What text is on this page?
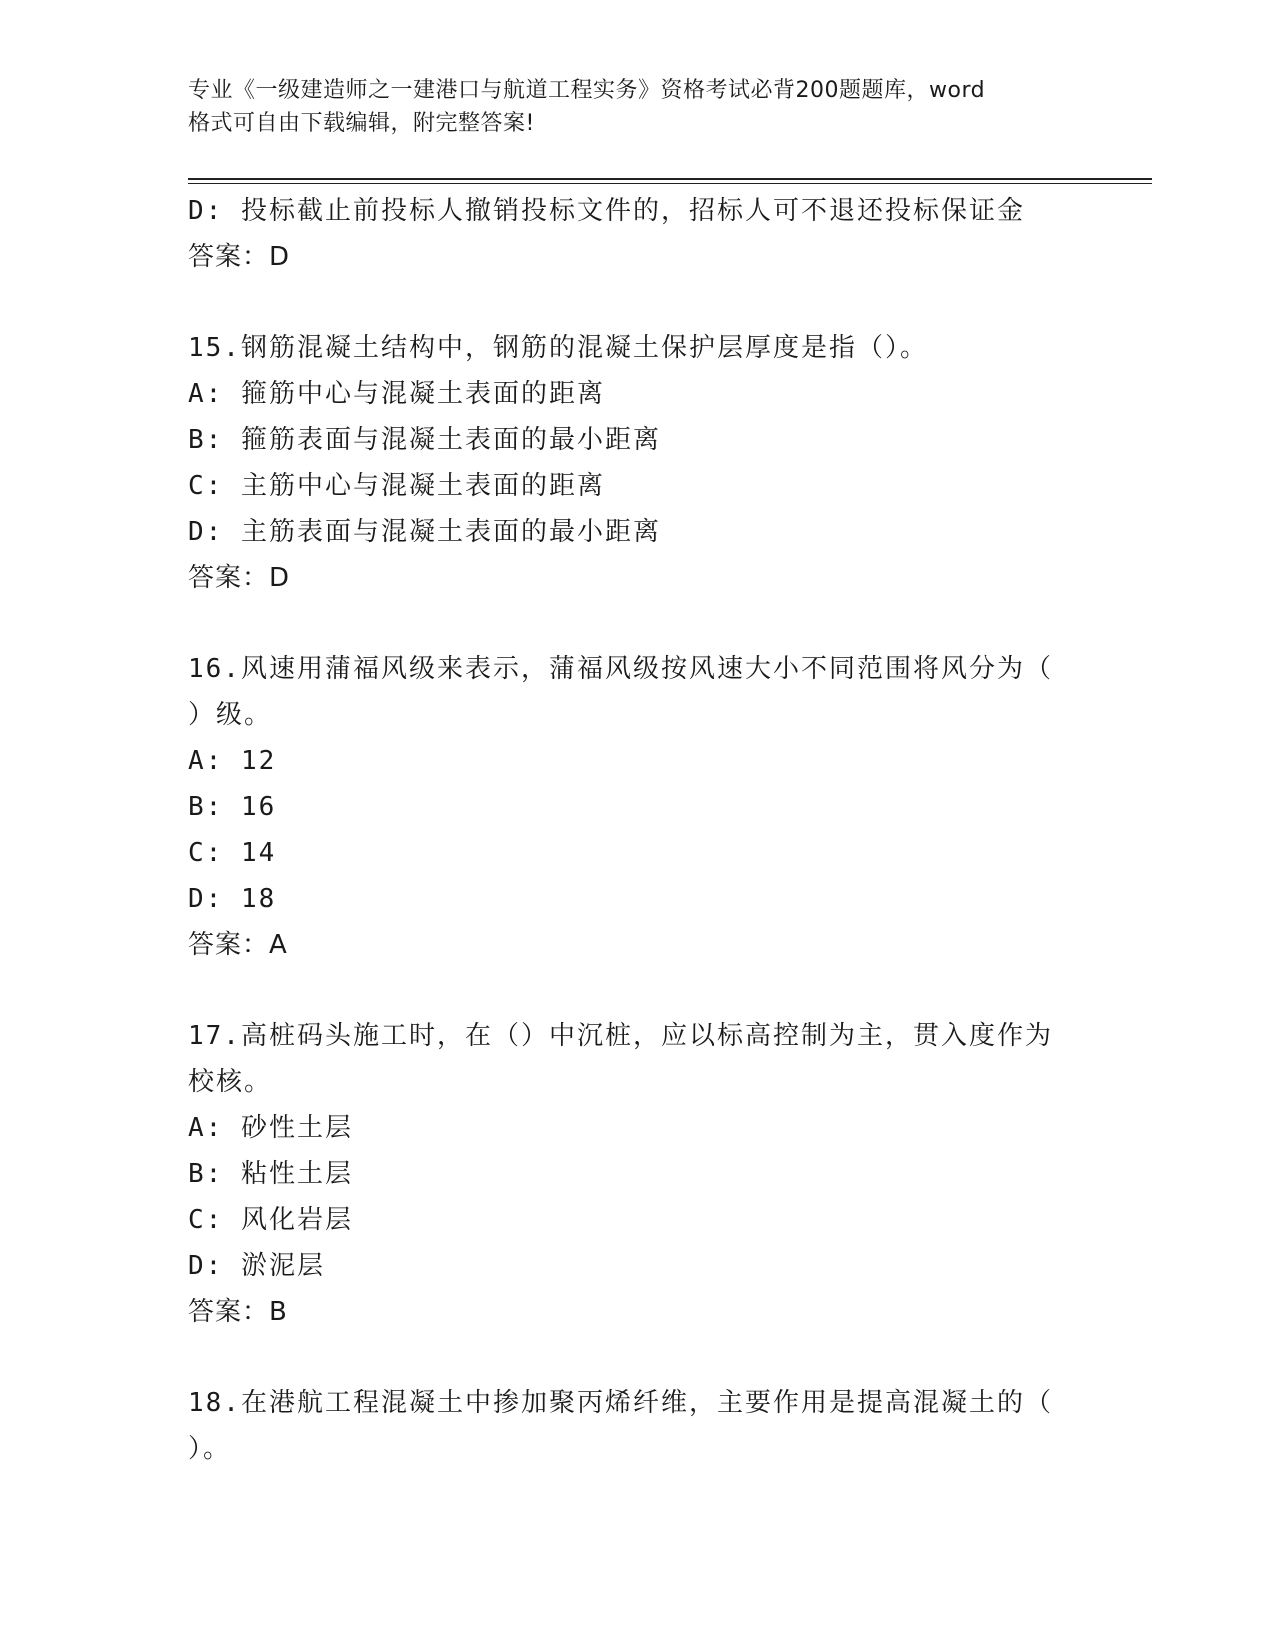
专业《一级建造师之一建港口与航道工程实务》资格考试必背200题题库，word
格式可自由下载编辑，附完整答案!
D: 投标截止前投标人撤销投标文件的，招标人可不退还投标保证金
答案：D
15.钢筋混凝土结构中，钢筋的混凝土保护层厚度是指（）。
A: 箍筋中心与混凝土表面的距离
B: 箍筋表面与混凝土表面的最小距离
C: 主筋中心与混凝土表面的距离
D: 主筋表面与混凝土表面的最小距离
答案：D
16.风速用蒲福风级来表示，蒲福风级按风速大小不同范围将风分为（
）级。
A: 12
B: 16
C: 14
D: 18
答案：A
17.高桩码头施工时，在（）中沉桩，应以标高控制为主，贯入度作为
校核。
A: 砂性土层
B: 粘性土层
C: 风化岩层
D: 淤泥层
答案：B
18.在港航工程混凝土中掺加聚丙烯纤维，主要作用是提高混凝土的（
）。
